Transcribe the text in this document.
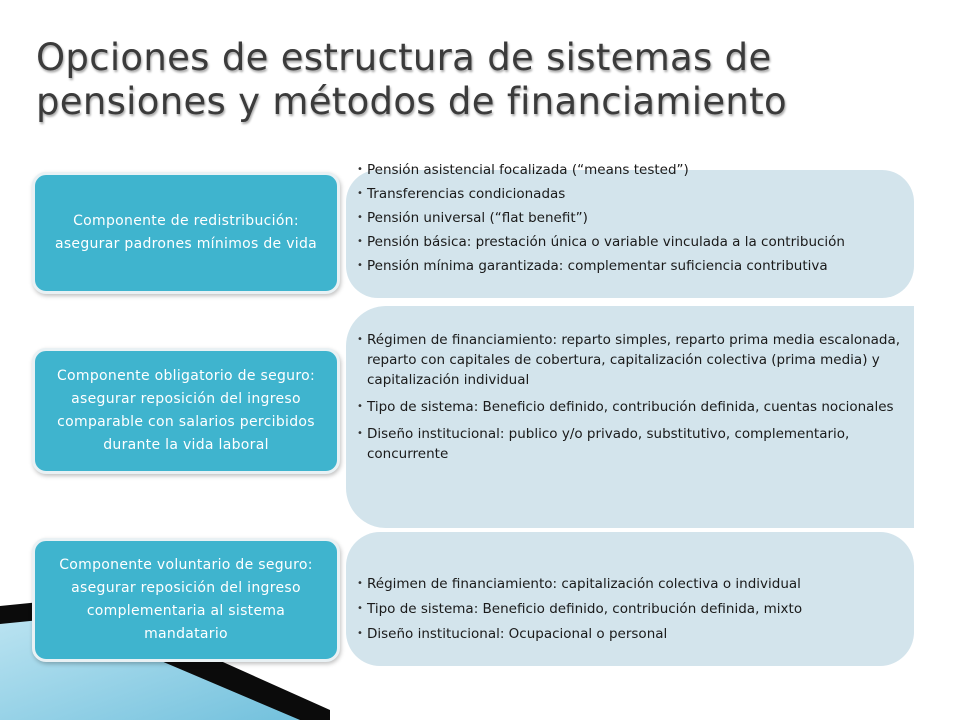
Opciones de estructura de sistemas de
pensiones y métodos de financiamiento
• Pensión asistencial focalizada (“means tested”)
• Transferencias condicionadas
• Pensión universal (“flat benefit”)
• Pensión básica: prestación única o variable vinculada a la contribución
• Pensión mínima garantizada: complementar suficiencia contributiva
• Régimen de financiamiento: reparto simples, reparto prima media escalonada, reparto con capitales de cobertura, capitalización colectiva (prima media) y capitalización individual
• Tipo de sistema: Beneficio definido, contribución definida, cuentas nocionales
• Diseño institucional: publico y/o privado, substitutivo, complementario, concurrente
• Régimen de financiamiento: capitalización colectiva o individual
• Tipo de sistema: Beneficio definido, contribución definida, mixto
• Diseño institucional: Ocupacional o personal
Componente de redistribución: asegurar padrones mínimos de vida
Componente obligatorio de seguro: asegurar reposición del ingreso comparable con salarios percibidos durante la vida laboral
Componente voluntario de seguro: asegurar reposición del ingreso complementaria al sistema mandatario
